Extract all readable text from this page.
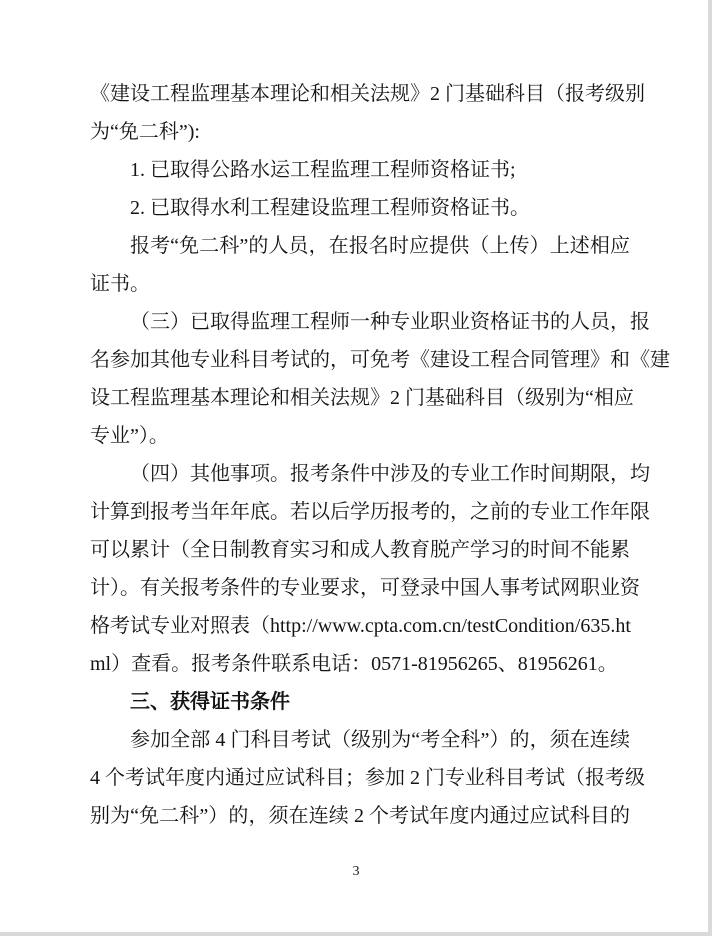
《建设工程监理基本理论和相关法规》2 门基础科目（报考级别
为“免二科”):
1. 已取得公路水运工程监理工程师资格证书;
2. 已取得水利工程建设监理工程师资格证书。
报考“免二科”的人员，在报名时应提供（上传）上述相应
证书。
（三）已取得监理工程师一种专业职业资格证书的人员，报
名参加其他专业科目考试的，可免考《建设工程合同管理》和《建
设工程监理基本理论和相关法规》2 门基础科目（级别为“相应
专业”）。
（四）其他事项。报考条件中涉及的专业工作时间期限，均
计算到报考当年年底。若以后学历报考的，之前的专业工作年限
可以累计（全日制教育实习和成人教育脱产学习的时间不能累
计）。有关报考条件的专业要求，可登录中国人事考试网职业资
格考试专业对照表（http://www.cpta.com.cn/testCondition/635.ht
ml）查看。报考条件联系电话：0571-81956265、81956261。
三、获得证书条件
参加全部 4 门科目考试（级别为“考全科”）的，须在连续
4 个考试年度内通过应试科目；参加 2 门专业科目考试（报考级
别为“免二科”）的，须在连续 2 个考试年度内通过应试科目的
3
